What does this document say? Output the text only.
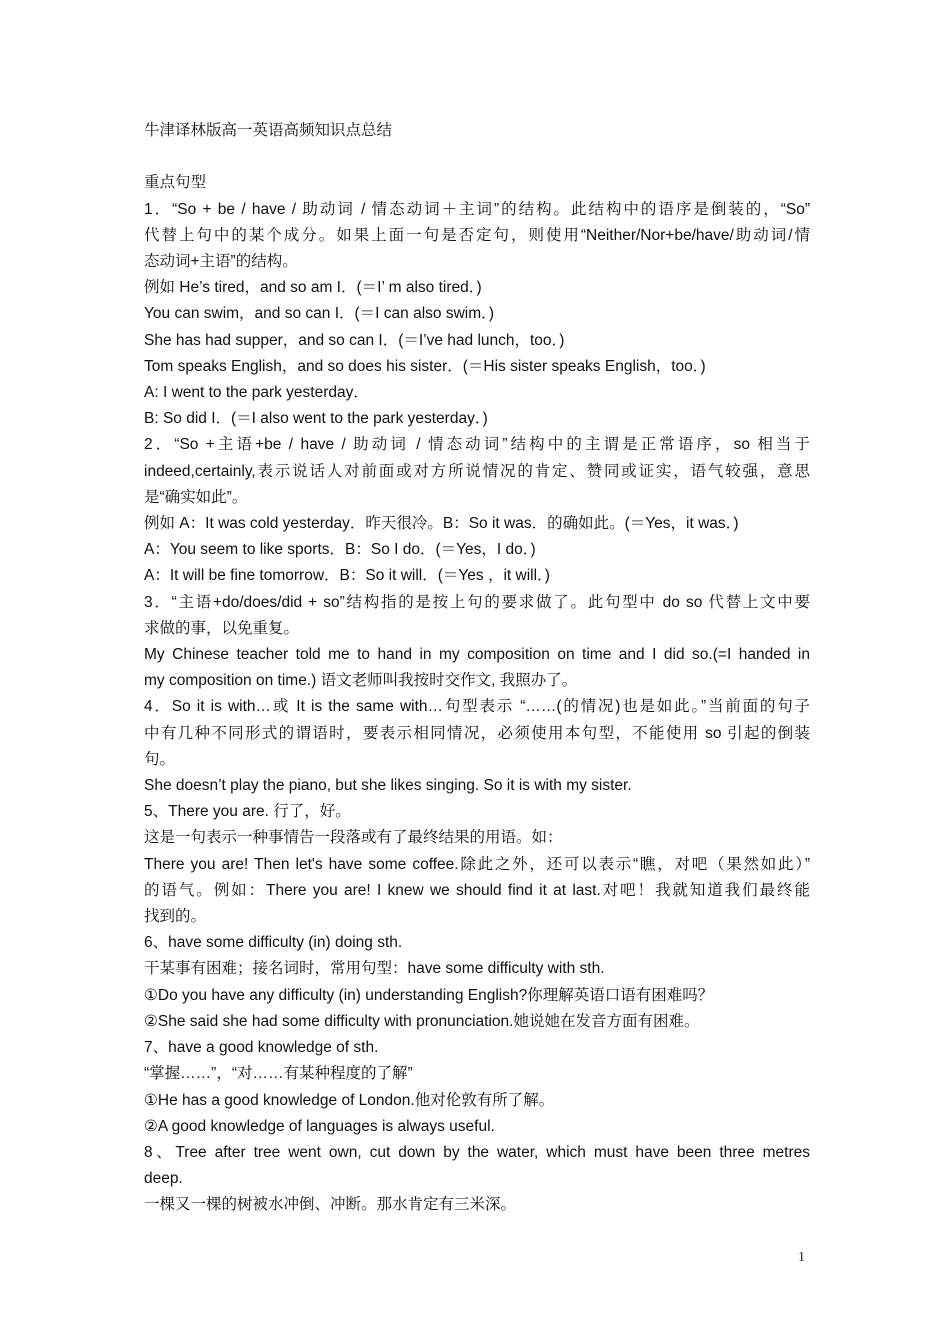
牛津译林版高一英语高频知识点总结
重点句型
1．“So + be / have / 助动词 / 情态动词＋主词”的结构。此结构中的语序是倒装的，“So”
代替上句中的某个成分。如果上面一句是否定句，则使用“Neither/Nor+be/have/助动词/情
态动词+主语”的结构。
例如 He’s tired，and so am I．(＝I’ m also tired．)
You can swim，and so can I．(＝I can also swim．)
She has had supper，and so can I．(＝I’ve had lunch，too．)
Tom speaks English，and so does his sister．(＝His sister speaks English，too．)
A: I went to the park yesterday．
B: So did I．(＝I also went to the park yesterday．)
2．“So +主语+be / have / 助动词 / 情态动词”结构中的主谓是正常语序，so 相当于
indeed,certainly,表示说话人对前面或对方所说情况的肯定、赞同或证实，语气较强，意思
是“确实如此”。
例如 A：It was cold yesterday．昨天很冷。B：So it was．的确如此。(＝Yes，it was．)
A：You seem to like sports．B：So I do．(＝Yes，I do．)
A：It will be fine tomorrow．B：So it will．(＝Yes ，it will．)
3．“主语+do/does/did + so”结构指的是按上句的要求做了。此句型中 do so 代替上文中要
求做的事，以免重复。
My Chinese teacher told me to hand in my composition on time and I did so.(=I handed in
my composition on time.) 语文老师叫我按时交作文, 我照办了。
4．So it is with…或 It is the same with…句型表示 “……(的情况)也是如此。”当前面的句子
中有几种不同形式的谓语时，要表示相同情况，必须使用本句型，不能使用 so 引起的倒装
句。
She doesn’t play the piano, but she likes singing. So it is with my sister.
5、There you are. 行了，好。
这是一句表示一种事情告一段落或有了最终结果的用语。如：
There you are! Then let's have some coffee.除此之外，还可以表示“瞧，对吧（果然如此）”
的语气。例如：There you are! I knew we should find it at last.对吧！我就知道我们最终能
找到的。
6、have some difficulty (in) doing sth.
干某事有困难；接名词时，常用句型：have some difficulty with sth.
①Do you have any difficulty (in) understanding English?你理解英语口语有困难吗？
②She said she had some difficulty with pronunciation.她说她在发音方面有困难。
7、have a good knowledge of sth.
“掌握……”，“对……有某种程度的了解”
①He has a good knowledge of London.他对伦敦有所了解。
②A good knowledge of languages is always useful.
8、Tree after tree went own, cut down by the water, which must have been three metres
deep.
一棵又一棵的树被水冲倒、冲断。那水肯定有三米深。
1
